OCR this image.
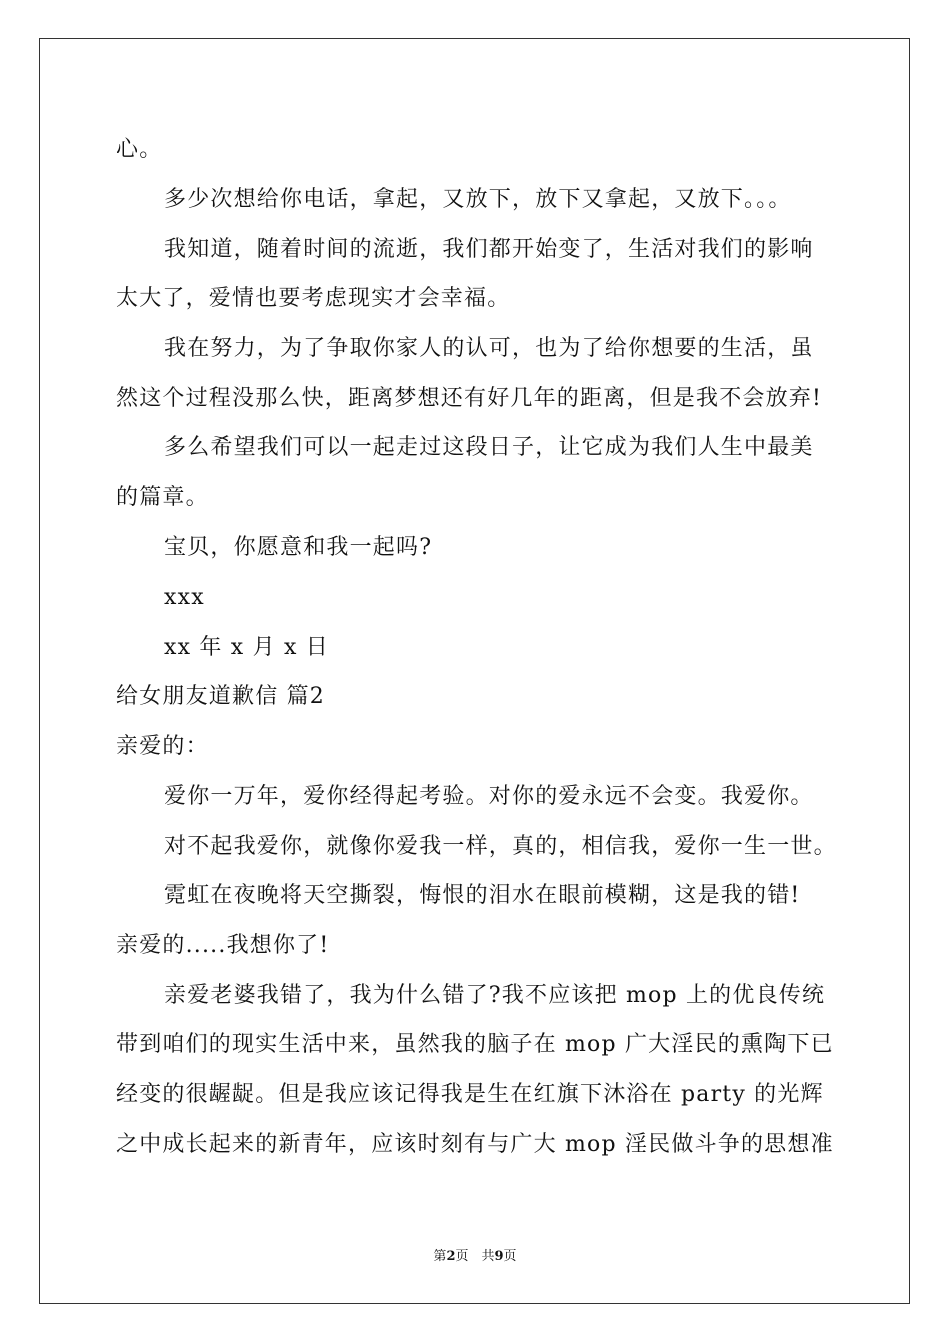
心。
多少次想给你电话，拿起，又放下，放下又拿起，又放下。。。
我知道，随着时间的流逝，我们都开始变了，生活对我们的影响
太大了，爱情也要考虑现实才会幸福。
我在努力，为了争取你家人的认可，也为了给你想要的生活，虽
然这个过程没那么快，距离梦想还有好几年的距离，但是我不会放弃!
多么希望我们可以一起走过这段日子，让它成为我们人生中最美
的篇章。
宝贝，你愿意和我一起吗?
xxx
xx 年 x 月 x 日
给女朋友道歉信 篇2
亲爱的：
爱你一万年，爱你经得起考验。对你的爱永远不会变。我爱你。
对不起我爱你，就像你爱我一样，真的，相信我，爱你一生一世。
霓虹在夜晚将天空撕裂，悔恨的泪水在眼前模糊，这是我的错!
亲爱的.....我想你了!
亲爱老婆我错了，我为什么错了?我不应该把 mop 上的优良传统
带到咱们的现实生活中来，虽然我的脑子在 mop 广大淫民的熏陶下已
经变的很龌龊。但是我应该记得我是生在红旗下沐浴在 party 的光辉
之中成长起来的新青年，应该时刻有与广大 mop 淫民做斗争的思想准
第2页　共9页
